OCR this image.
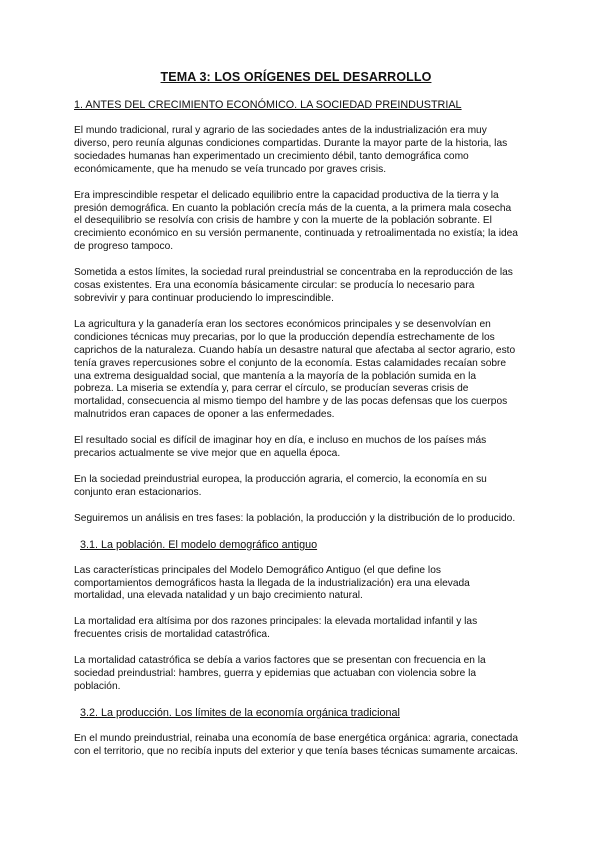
TEMA 3: LOS ORÍGENES DEL DESARROLLO
1. ANTES DEL CRECIMIENTO ECONÓMICO. LA SOCIEDAD PREINDUSTRIAL

El mundo tradicional, rural y agrario de las sociedades antes de la industrialización era muy diverso, pero reunía algunas condiciones compartidas. Durante la mayor parte de la historia, las sociedades humanas han experimentado un crecimiento débil, tanto demográfica como económicamente, que ha menudo se veía truncado por graves crisis.

Era imprescindible respetar el delicado equilibrio entre la capacidad productiva de la tierra y la presión demográfica. En cuanto la población crecía más de la cuenta, a la primera mala cosecha el desequilibrio se resolvía con crisis de hambre y con la muerte de la población sobrante. El crecimiento económico en su versión permanente, continuada y retroalimentada no existía; la idea de progreso tampoco.

Sometida a estos límites, la sociedad rural preindustrial se concentraba en la reproducción de las cosas existentes. Era una economía básicamente circular: se producía lo necesario para sobrevivir y para continuar produciendo lo imprescindible.

La agricultura y la ganadería eran los sectores económicos principales y se desenvolvían en condiciones técnicas muy precarias, por lo que la producción dependía estrechamente de los caprichos de la naturaleza. Cuando había un desastre natural que afectaba al sector agrario, esto tenía graves repercusiones sobre el conjunto de la economía. Estas calamidades recaían sobre una extrema desigualdad social, que mantenía a la mayoría de la población sumida en la pobreza. La miseria se extendía y, para cerrar el círculo, se producían severas crisis de mortalidad, consecuencia al mismo tiempo del hambre y de las pocas defensas que los cuerpos malnutridos eran capaces de oponer a las enfermedades.

El resultado social es difícil de imaginar hoy en día, e incluso en muchos de los países más precarios actualmente se vive mejor que en aquella época.

En la sociedad preindustrial europea, la producción agraria, el comercio, la economía en su conjunto eran estacionarios.

Seguiremos un análisis en tres fases: la población, la producción y la distribución de lo producido.

3.1. La población. El modelo demográfico antiguo

Las características principales del Modelo Demográfico Antiguo (el que define los comportamientos demográficos hasta la llegada de la industrialización) era una elevada mortalidad, una elevada natalidad y un bajo crecimiento natural.

La mortalidad era altísima por dos razones principales: la elevada mortalidad infantil y las frecuentes crisis de mortalidad catastrófica.

La mortalidad catastrófica se debía a varios factores que se presentan con frecuencia en la sociedad preindustrial: hambres, guerra y epidemias que actuaban con violencia sobre la población.

3.2. La producción. Los límites de la economía orgánica tradicional

En el mundo preindustrial, reinaba una economía de base energética orgánica: agraria, conectada con el territorio, que no recibía inputs del exterior y que tenía bases técnicas sumamente arcaicas.
